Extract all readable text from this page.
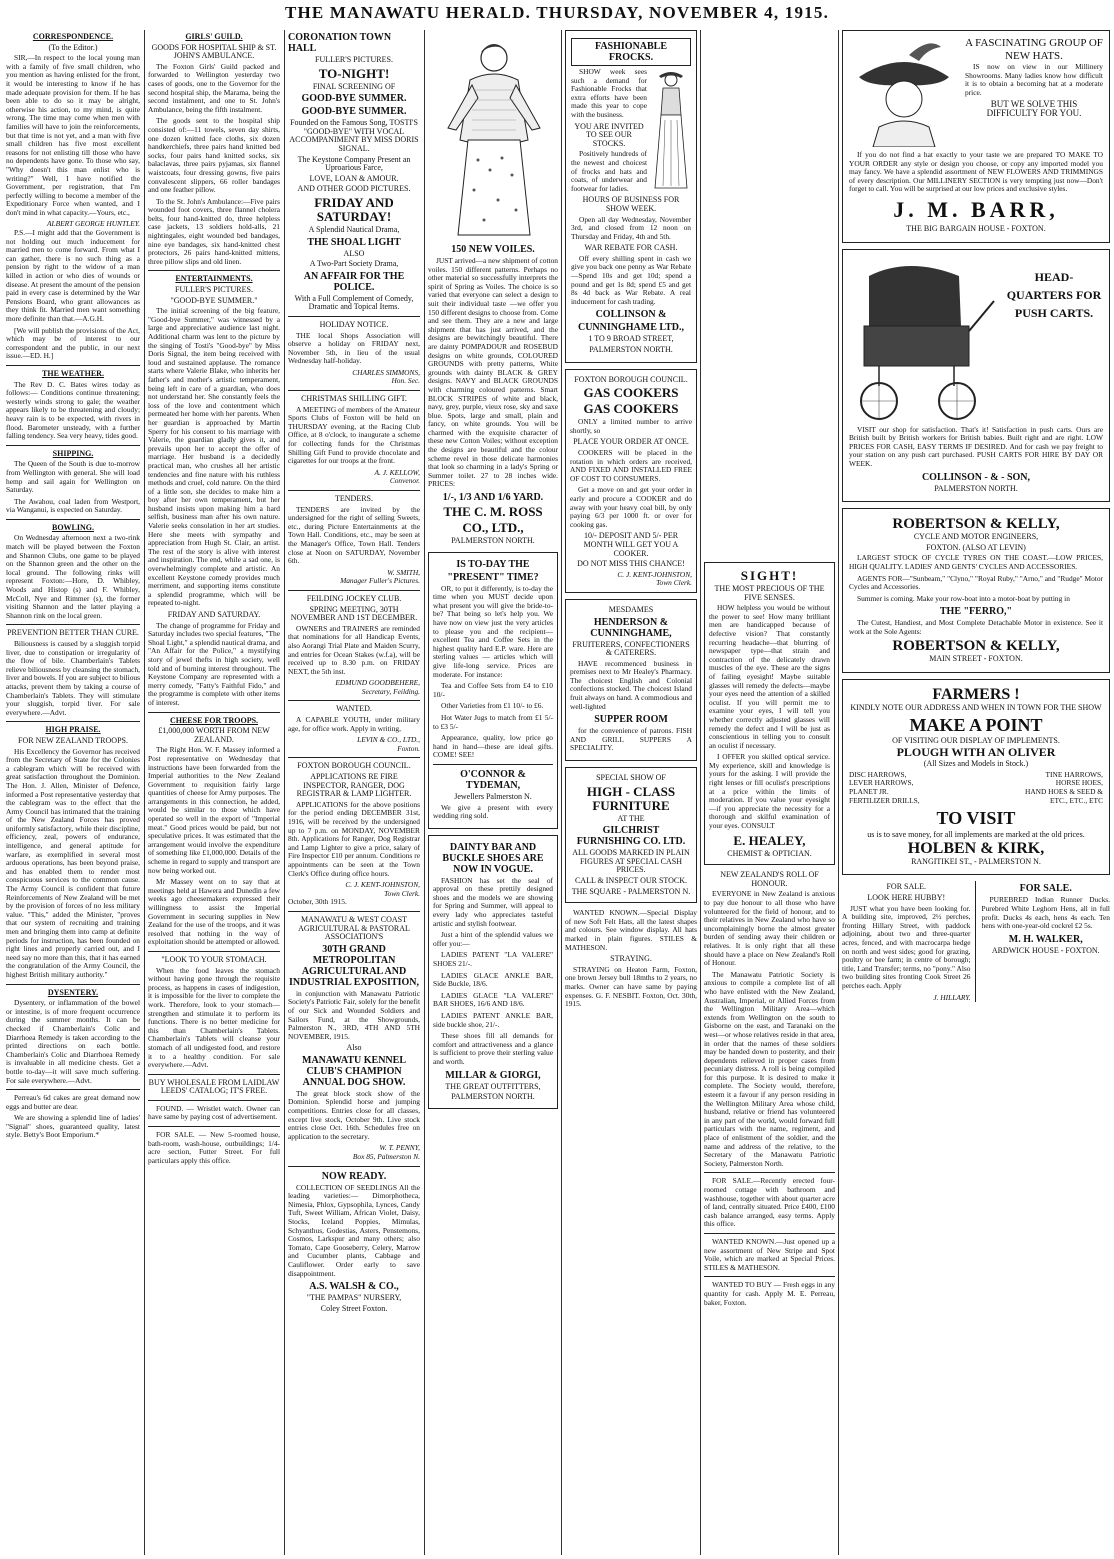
THE MANAWATU HERALD. THURSDAY, NOVEMBER 4, 1915.
CORRESPONDENCE.
(To the Editor.)

SIR,—In respect to the local young man with a family of five small children, who you mention as having enlisted for the front, it would be interesting to know if he has made adequate provision for them. If he has been able to do so it may be alright, otherwise his action, to my mind, is quite wrong. The time may come when men with families will have to join the reinforcements, but that time is not yet, and a man with five small children has five most excellent reasons for not enlisting till those who have no dependents have gone. To those who say, "Why doesn't this man enlist who is writing?" Well, I have notified the Government, per registration, that I'm perfectly willing to become a member of the Expeditionary Force when wanted, and I don't mind in what capacity.—Yours, etc.,

ALBERT GEORGE HUNTLEY.

P.S.—I might add that the Government is not holding out much inducement for married men to come forward. From what I can gather, there is no such thing as a pension by right to the widow of a man killed in action or who dies of wounds or disease. At present the amount of the pension paid in every case is determined by the War Pensions Board, who grant allowances as they think fit. Married men want something more definite than that.—A.G.H.

[We will publish the provisions of the Act, which may be of interest to our correspondent and the public, in our next issue.—ED. H.]

THE WEATHER.

The Rev D. C. Bates wires today as follows:— Conditions continue threatening; westerly winds strong to gale; the weather appears likely to be threatening and cloudy; heavy rain is to be expected, with rivers in flood. Barometer unsteady, with a further falling tendency. Sea very heavy, tides good.

SHIPPING.

The Queen of the South is due to-morrow from Wellington with general. She will load hemp and sail again for Wellington on Saturday.

The Awahou, coal laden from Westport, via Wanganui, is expected on Saturday.

BOWLING.

On Wednesday afternoon next a two-rink match will be played between the Foxton and Shannon Clubs, one game to be played on the Shannon green and the other on the local ground. The following rinks will represent Foxton:—Hore, D. Whibley, Woods and Histop (s) and F. Whibley, McColl, Nye and Rimmer (s), the former visiting Shannon and the latter playing a Shannon rink on the local green.

PREVENTION BETTER THAN CURE.

Biliousness is caused by a sluggish torpid liver, due to constipation or irregularity of the flow of bile. Chamberlain's Tablets relieve biliousness by cleansing the stomach, liver and bowels. If you are subject to bilious attacks, prevent them by taking a course of Chamberlain's Tablets. They will stimulate your sluggish, torpid liver. For sale everywhere.—Advt.

HIGH PRAISE.
FOR NEW ZEALAND TROOPS.

His Excellency the Governor has received from the Secretary of State for the Colonies a cablegram which will be received with great satisfaction throughout the Dominion. The Hon. J. Allen, Minister of Defence, informed a Post representative yesterday that the cablegram was to the effect that the Army Council has intimated that the training of the New Zealand Forces has proved uniformly satisfactory, while their discipline, efficiency, zeal, powers of endurance, intelligence, and general aptitude for warfare, as exemplified in several most arduous operations, has been beyond praise, and has enabled them to render most conspicuous services to the common cause. The Army Council is confident that future Reinforcements of New Zealand will be met by the provision of forces of no less military value. "This," added the Minister, "proves that our system of recruiting and training men and bringing them into camp at definite periods for instruction, has been founded on right lines and properly carried out, and I need say no more than this, that it has earned the congratulation of the Army Council, the highest British military authority."

DYSENTERY.

Dysentery, or inflammation of the bowel or intestine, is of more frequent occurrence during the summer months. It can be checked if Chamberlain's Colic and Diarrhoea Remedy is taken according to the printed directions on each bottle. Chamberlain's Colic and Diarrhoea Remedy is invaluable in all medicine chests. Get a bottle to-day—it will save much suffering. For sale everywhere.—Advt.

Perreau's 6d cakes are great demand now eggs and butter are dear.

We are showing a splendid line of ladies' "Signal" shoes, guaranteed quality, latest style. Betty's Boot Emporium.*

GIRLS' GUILD.
GOODS FOR HOSPITAL SHIP & ST. JOHN'S AMBULANCE.

The Foxton Girls' Guild packed and forwarded to Wellington yesterday two cases of goods, one to the Governor for the second hospital ship, the Marama, being the second instalment, and one to St. John's Ambulance, being the fifth instalment.

The goods sent to the hospital ship consisted of:—11 towels, seven day shirts, one dozen knitted face cloths, six dozen handkerchiefs, three pairs hand knitted bed socks, four pairs hand knitted socks, six balaclavas, three pairs pyjamas, six flannel waistcoats, four dressing gowns, five pairs convalescent slippers, 66 roller bandages and one feather pillow.

To the St. John's Ambulance:—Five pairs wounded foot covers, three flannel cholera belts, four hand-knitted do, three helpless case jackets, 13 soldiers hold-alls, 21 nightingales, eight wounded bed bandages, nine eye bandages, six hand-knitted chest protectors, 26 pairs hand-knitted mittens, three pillow slips and old linen.

ENTERTAINMENTS.
FULLER'S PICTURES.
"GOOD-BYE SUMMER."

The initial screening of the big feature, "Good-bye Summer," was witnessed by a large and appreciative audience last night. Additional charm was lent to the picture by the singing of Tosti's "Good-bye" by Miss Doris Signal, the item being received with loud and sustained applause. The romance starts where Valerie Blake, who inherits her father's and mother's artistic temperament, being left in care of a guardian, who does not understand her. She constantly feels the loss of the love and contentment which permeated her home with her parents. When her guardian is approached by Martin Sperry for his consent to his marriage with Valerie, the guardian gladly gives it, and prevails upon her to accept the offer of marriage. Her husband is a decidedly practical man, who crushes all her artistic tendencies and fine nature with his ruthless methods and cruel, cold nature. On the third of a little son, she decides to make him a boy after her own temperament, but her husband insists upon making him a hard selfish, business man after his own nature. Valerie seeks consolation in her art studies. Here she meets with sympathy and appreciation from Hugh St. Clair, an artist. The rest of the story is alive with interest and inspiration. The end, while a sad one, is overwhelmingly complete and artistic. An excellent Keystone comedy provides much merriment, and supporting items constitute a splendid programme, which will be repeated to-night.

FRIDAY AND SATURDAY.

The change of programme for Friday and Saturday includes two special features, "The Shoal Light," a splendid nautical drama, and "An Affair for the Police," a mystifying story of jewel thefts in high society, well told and of burning interest throughout. The Keystone Company are represented with a merry comedy, "Fatty's Faithful Fido," and the programme is complete with other items of interest.

CHEESE FOR TROOPS.
£1,000,000 WORTH FROM NEW ZEALAND.

The Right Hon. W. F. Massey informed a Post representative on Wednesday that instructions have been forwarded from the Imperial authorities to the New Zealand Government to requisition fairly large quantities of cheese for Army purposes. The arrangements in this connection, he added, would be similar to those which have operated so well in the export of "Imperial meat." Good prices would be paid, but not speculative prices. It was estimated that the arrangement would involve the expenditure of something like £1,000,000. Details of the scheme in regard to supply and transport are now being worked out.

Mr Massey went on to say that at meetings held at Hawera and Dunedin a few weeks ago cheesemakers expressed their willingness to assist the Imperial Government in securing supplies in New Zealand for the use of the troops, and it was resolved that nothing in the way of exploitation should be attempted or allowed.

"LOOK TO YOUR STOMACH.

When the food leaves the stomach without having gone through the requisite process, as happens in cases of indigestion, it is impossible for the liver to complete the work. Therefore, look to your stomach—strengthen and stimulate it to perform its functions. There is no better medicine for this than Chamberlain's Tablets. Chamberlain's Tablets will cleanse your stomach of all undigested food, and restore it to a healthy condition. For sale everywhere.—Advt.

BUY WHOLESALE FROM LAIDLAW LEEDS' CATALOG; IT'S FREE.

FOUND. — Wristlet watch. Owner can have same by paying cost of advertisement.

FOR SALE. — New 5-roomed house, bath-room, wash-house, outbuildings; 1/4-acre section, Futter Street. For full particulars apply this office.

CORONATION TOWN HALL
FULLER'S PICTURES.
TO-NIGHT!
FINAL SCREENING OF
GOOD-BYE SUMMER.
GOOD-BYE SUMMER.
Founded on the Famous Song, TOSTI'S "GOOD-BYE" WITH VOCAL ACCOMPANIMENT BY MISS DORIS SIGNAL.
The Keystone Company Present an Uproarious Farce,
LOVE, LOAN & AMOUR.
AND OTHER GOOD PICTURES.
FRIDAY AND SATURDAY!
A Splendid Nautical Drama,
THE SHOAL LIGHT
ALSO
A Two-Part Society Drama,
AN AFFAIR FOR THE POLICE.
With a Full Complement of Comedy, Dramatic and Topical Items.
HOLIDAY NOTICE.

THE local Shops Association will observe a holiday on FRIDAY next, November 5th, in lieu of the usual Wednesday half-holiday.

CHARLES SIMMONS,
Hon. Sec.
CHRISTMAS SHILLING GIFT.

A MEETING of members of the Amateur Sports Clubs of Foxton will be held on THURSDAY evening, at the Racing Club Office, at 8 o'clock, to inaugurate a scheme for collecting funds for the Christmas Shilling Gift Fund to provide chocolate and cigarettes for our troops at the front.

A. J. KELLOW,
Convenor.
TENDERS.

TENDERS are invited by the undersigned for the right of selling Sweets, etc., during Picture Entertainments at the Town Hall. Conditions, etc., may be seen at the Manager's Office, Town Hall. Tenders close at Noon on SATURDAY, November 6th.

W. SMITH,
Manager Fuller's Pictures.
FEILDING JOCKEY CLUB.
SPRING MEETING, 30TH NOVEMBER AND 1ST DECEMBER.

OWNERS and TRAINERS are reminded that nominations for all Handicap Events, also Aorangi Trial Plate and Maiden Scurry, and entries for Ocean Stakes (w.f.a), will be received up to 8.30 p.m. on FRIDAY NEXT, the 5th inst.

EDMUND GOODBEHERE,
Secretary, Feilding.
WANTED.

A CAPABLE YOUTH, under military age, for office work. Apply in writing,

LEVIN & CO., LTD.,
Foxton.
FOXTON BOROUGH COUNCIL.
APPLICATIONS RE FIRE INSPECTOR, RANGER, DOG REGISTRAR & LAMP LIGHTER.

APPLICATIONS for the above positions for the period ending DECEMBER 31st, 1916, will be received by the undersigned up to 7 p.m. on MONDAY, NOVEMBER 8th. Applications for Ranger, Dog Registrar and Lamp Lighter to give a price, salary of Fire Inspector £10 per annum. Conditions re appointments can be seen at the Town Clerk's Office during office hours.

C. J. KENT-JOHNSTON,
Town Clerk.
October, 30th 1915.
MANAWATU & WEST COAST AGRICULTURAL & PASTORAL ASSOCIATION'S
30TH GRAND METROPOLITAN AGRICULTURAL AND INDUSTRIAL EXPOSITION,

in conjunction with Manawatu Patriotic Society's Patriotic Fair, solely for the benefit of our Sick and Wounded Soldiers and Sailors Fund, at the Showgrounds, Palmerston N., 3RD, 4TH AND 5TH NOVEMBER, 1915.

Also
MANAWATU KENNEL CLUB'S CHAMPION ANNUAL DOG SHOW.

The great block stock show of the Dominion. Splendid horse and jumping competitions. Entries close for all classes, except live stock, October 9th. Live stock entries close Oct. 16th. Schedules free on application to the secretary.

W. T. PENNY,
Box 85, Palmerston N.
NOW READY.

COLLECTION OF SEEDLINGS All the leading varieties:— Dimorphotheca, Nimesia, Phlox, Gypsophila, Lynces, Candy Tuft, Sweet William, African Violet, Daisy, Stocks, Iceland Poppies, Mimulas, Schyanthus, Godestias, Asters, Penstemons, Cosmos, Larkspur and many others; also Tomato, Cape Gooseberry, Celery, Marrow and Cucumber plants, Cabbage and Cauliflower. Order early to save disappointment.

A.S. WALSH & CO.,
"THE PAMPAS" NURSERY,
Coley Street Foxton.
150 NEW VOILES.

JUST arrived—a new shipment of cotton voiles. 150 different patterns. Perhaps no other material so successfully interprets the spirit of Spring as Voiles. The choice is so varied that everyone can select a design to suit their individual taste —we offer you 150 different designs to choose from. Come and see them. They are a new and large shipment that has just arrived, and the designs are bewitchingly beautiful. There are dainty POMPADOUR and ROSEBUD designs on white grounds, COLOURED GROUNDS with pretty patterns, White grounds with dainty BLACK & GREY designs. NAVY and BLACK GROUNDS with charming coloured patterns. Smart BLOCK STRIPES of white and black, navy, grey, purple, vieux rose, sky and saxe blue. Spots, large and small, plain and fancy, on white grounds. You will be charmed with the exquisite character of these new Cotton Voiles; without exception the designs are beautiful and the colour scheme revel in those delicate harmonies that look so charming in a lady's Spring or Summer toilet. 27 to 28 inches wide. PRICES:

1/-, 1/3 AND 1/6 YARD.
THE C. M. ROSS
CO., LTD.,
PALMERSTON NORTH.
IS TO-DAY THE
"PRESENT" TIME?

OR, to put it differently, is to-day the time when you MUST decide upon what present you will give the bride-to-be? That being so let's help you. We have now on view just the very articles to please you and the recipient—excellent Tea and Coffee Sets in the highest quality hard E.P. ware. Here are sterling values — articles which will give life-long service. Prices are moderate. For instance:

Tea and Coffee Sets from £4 to £10 10/-

Other Varieties from £1 10/- to £6.

Hot Water Jugs to match from £1 5/- to £3 5/-

Appearance, quality, low price go hand in hand—these are ideal gifts. COME! SEE!

O'CONNOR & TYDEMAN,
Jewellers Palmerston N.

We give a present with every wedding ring sold.

DAINTY BAR AND BUCKLE SHOES ARE NOW IN VOGUE.

FASHION has set the seal of approval on these prettily designed shoes and the models we are showing for Spring and Summer, will appeal to every lady who appreciates tasteful artistic and stylish footwear.

Just a hint of the splendid values we offer you:—

LADIES PATENT "LA VALERE" SHOES 21/-.

LADIES GLACE ANKLE BAR, Side Buckle, 18/6.

LADIES GLACE "LA VALERE" BAR SHOES, 16/6 AND 18/6.

LADIES PATENT ANKLE BAR, side buckle shoe, 21/-.

These shoes fill all demands for comfort and attractiveness and a glance is sufficient to prove their sterling value and worth.

MILLAR & GIORGI,
THE GREAT OUTFITTERS,
PALMERSTON NORTH.
FASHIONABLE FROCKS.

SHOW week sees such a demand for Fashionable Frocks that extra efforts have been made this year to cope with the business.

YOU ARE INVITED TO SEE OUR STOCKS.

Positively hundreds of the newest and choicest of frocks and hats and coats, of underwear and footwear for ladies.

HOURS OF BUSINESS FOR SHOW WEEK.

Open all day Wednesday, November 3rd, and closed from 12 noon on Thursday and Friday, 4th and 5th.

WAR REBATE FOR CASH.

Off every shilling spent in cash we give you back one penny as War Rebate—Spend 10s and get 10d; spend a pound and get 1s 8d; spend £5 and get 8s 4d back as War Rebate. A real inducement for cash trading.

COLLINSON &
CUNNINGHAME LTD.,
1 TO 9 BROAD STREET,
PALMERSTON NORTH.
FOXTON BOROUGH COUNCIL.
GAS COOKERS
GAS COOKERS

ONLY a limited number to arrive shortly, so

PLACE YOUR ORDER AT ONCE.

COOKERS will be placed in the rotation in which orders are received, AND FIXED AND INSTALLED FREE OF COST TO CONSUMERS.

Get a move on and get your order in early and procure a COOKER and do away with your heavy coal bill, by only paying 6/3 per 1000 ft. or over for cooking gas.

10/- DEPOSIT AND 5/- PER MONTH WILL GET YOU A COOKER.
DO NOT MISS THIS CHANCE!
C. J. KENT-JOHNSTON,
Town Clerk.
MESDAMES
HENDERSON & CUNNINGHAME,
FRUITERERS, CONFECTIONERS & CATERERS.

HAVE recommenced business in premises next to Mr Healey's Pharmacy. The choicest English and Colonial confections stocked. The choicest Island fruit always on hand. A commodious and well-lighted

SUPPER ROOM

for the convenience of patrons. FISH AND GRILL SUPPERS A SPECIALITY.

SPECIAL SHOW OF
HIGH - CLASS FURNITURE
AT THE
GILCHRIST FURNISHING CO. LTD.
ALL GOODS MARKED IN PLAIN FIGURES AT SPECIAL CASH PRICES.
CALL & INSPECT OUR STOCK.
THE SQUARE - PALMERSTON N.

WANTED KNOWN.—Special Display of new Soft Felt Hats, all the latest shapes and colours. See window display. All hats marked in plain figures. STILES & MATHESON.

STRAYING.

STRAYING on Heaton Farm, Foxton, one brown Jersey bull 18mths to 2 years, no marks. Owner can have same by paying expenses. G. F. NESBIT. Foxton, Oct. 30th, 1915.

SIGHT!
THE MOST PRECIOUS OF THE FIVE SENSES.

HOW helpless you would be without the power to see! How many brilliant men are handicapped because of defective vision? That constantly recurring headache—that blurring of newspaper type—that strain and contraction of the delicately drawn muscles of the eye. These are the signs of failing eyesight! Maybe suitable glasses will remedy the defects—maybe your eyes need the attention of a skilled oculist. If you will permit me to examine your eyes, I will tell you whether correctly adjusted glasses will remedy the defect and I will be just as conscientious in telling you to consult an oculist if necessary.

I OFFER you skilled optical service. My experience, skill and knowledge is yours for the asking. I will provide the right lenses or fill oculist's prescriptions at a price within the limits of moderation. If you value your eyesight—if you appreciate the necessity for a thorough and skilful examination of your eyes. CONSULT

E. HEALEY,
CHEMIST & OPTICIAN.
NEW ZEALAND'S ROLL OF HONOUR.

EVERYONE in New Zealand is anxious to pay due honour to all those who have volunteered for the field of honour, and to their relatives in New Zealand who have so uncomplainingly borne the almost greater burden of sending away their children or relatives. It is only right that all these should have a place on New Zealand's Roll of Honour.

The Manawatu Patriotic Society is anxious to compile a complete list of all who have enlisted with the New Zealand, Australian, Imperial, or Allied Forces from the Wellington Military Area—which extends from Wellington on the south to Gisborne on the east, and Taranaki on the west—or whose relatives reside in that area, in order that the names of these soldiers may be handed down to posterity, and their dependents relieved in proper cases from pecuniary distress. A roll is being compiled for this purpose. It is desired to make it complete. The Society would, therefore, esteem it a favour if any person residing in the Wellington Military Area whose child, husband, relative or friend has volunteered in any part of the world, would forward full particulars with the name, regiment, and place of enlistment of the soldier, and the name and address of the relative, to the Secretary of the Manawatu Patriotic Society, Palmerston North.

FOR SALE.—Recently erected four-roomed cottage with bathroom and washhouse, together with about quarter acre of land, centrally situated. Price £400, £100 cash balance arranged, easy terms. Apply this office.

WANTED KNOWN.—Just opened up a new assortment of New Stripe and Spot Voile, which are marked at Special Prices. STILES & MATHESON.

WANTED TO BUY — Fresh eggs in any quantity for cash. Apply M. E. Perreau, baker, Foxton.

A FASCINATING GROUP OF NEW HATS.

IS now on view in our Millinery Showrooms. Many ladies know how difficult it is to obtain a becoming hat at a moderate price.

BUT WE SOLVE THIS DIFFICULTY FOR YOU.

If you do not find a hat exactly to your taste we are prepared TO MAKE TO YOUR ORDER any style or design you choose, or copy any imported model you may fancy. We have a splendid assortment of NEW FLOWERS AND TRIMMINGS of every description. Our MILLINERY SECTION is very tempting just now—Don't forget to call. You will be surprised at our low prices and exclusive styles.

J. M. BARR,
THE BIG BARGAIN HOUSE - FOXTON.
HEAD-QUARTERS FOR PUSH CARTS.

VISIT our shop for satisfaction. That's it! Satisfaction in push carts. Ours are British built by British workers for British babies. Built right and are right. LOW PRICES FOR CASH, EASY TERMS IF DESIRED. And for cash we pay freight to your station on any push cart purchased. PUSH CARTS FOR HIRE BY DAY OR WEEK.

COLLINSON - & - SON,
PALMERSTON NORTH.
ROBERTSON & KELLY,
CYCLE AND MOTOR ENGINEERS,
FOXTON. (ALSO AT LEVIN)

LARGEST STOCK OF CYCLE TYRES ON THE COAST.—LOW PRICES, HIGH QUALITY. LADIES' AND GENTS' CYCLES AND ACCESSORIES.

AGENTS FOR—"Sunbeam," "Clyno," "Royal Ruby," "Arno," and "Rudge" Motor Cycles and Accessories.

Summer is coming. Make your row-boat into a motor-boat by putting in

THE "FERRO,"

The Cutest, Handiest, and Most Complete Detachable Motor in existence. See it work at the Sole Agents:

ROBERTSON & KELLY,
MAIN STREET - FOXTON.
FARMERS !
KINDLY NOTE OUR ADDRESS AND WHEN IN TOWN FOR THE SHOW
MAKE A POINT
OF VISITING OUR DISPLAY OF IMPLEMENTS.
PLOUGH WITH AN OLIVER
(All Sizes and Models in Stock.)
DISC HARROWS,
LEVER HARROWS,
PLANET JR.
FERTILIZER DRILLS,
TINE HARROWS,
HORSE HOES,
HAND HOES & SEED &
ETC., ETC., ETC
TO VISIT
us is to save money, for all implements are marked at the old prices.
HOLBEN & KIRK,
RANGITIKEI ST., - PALMERSTON N.
FOR SALE.
LOOK HERE HUBBY!

JUST what you have been looking for. A building site, improved, 2½ perches, fronting Hillary Street, with paddock adjoining, about two and three-quarter acres, fenced, and with macrocarpa hedge on north and west sides; good for grazing, poultry or bee farm; in centre of borough; title, Land Transfer; terms, no "pony." Also two building sites fronting Cook Street 26 perches each. Apply

J. HILLARY.
FOR SALE.

PUREBRED Indian Runner Ducks. Purebred White Leghorn Hens, all in full profit. Ducks 4s each, hens 4s each. Ten hens with one-year-old cockrel £2 5s.

M. H. WALKER,
ARDWICK HOUSE - FOXTON.
